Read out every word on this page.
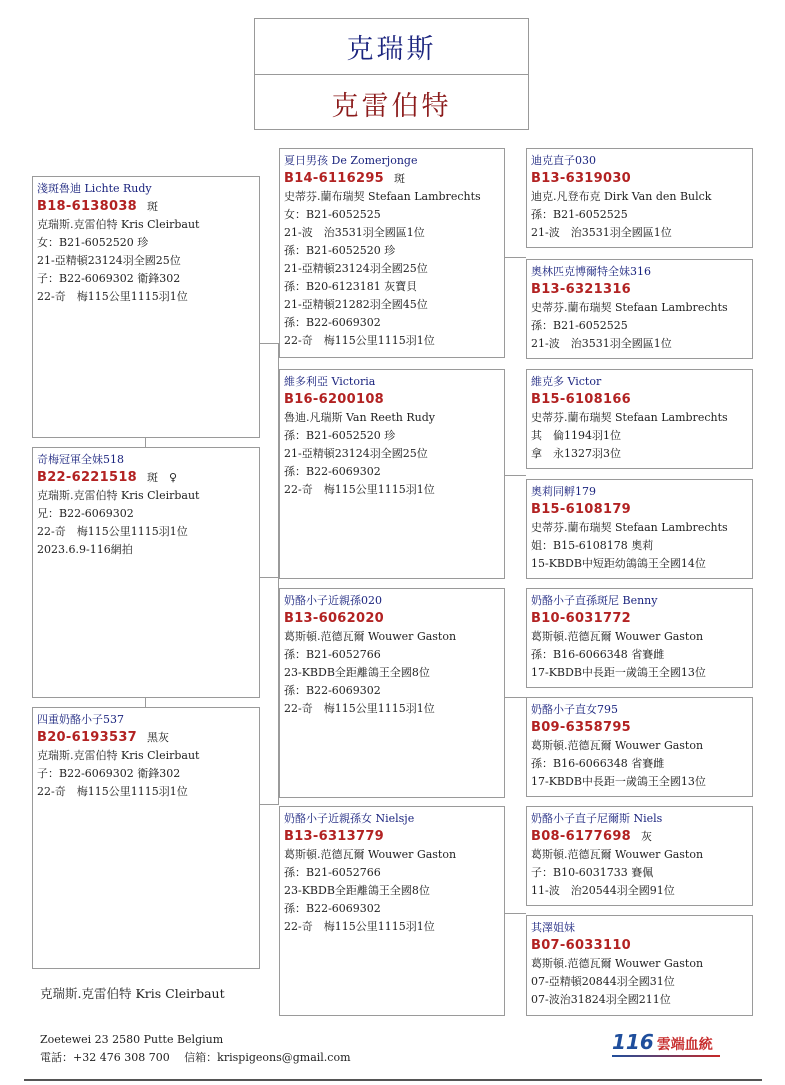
克瑞斯
克雷伯特
淺斑魯迪 Lichte Rudy
B18-6138038 斑
克瑞斯.克雷伯特 Kris Cleirbaut
女：B21-6052520 珍
21-亞精頓23124羽全國25位
子：B22-6069302 衛鋒302
22-奇　梅115公里1115羽1位
奇梅冠軍全妹518
B22-6221518 斑　♀
克瑞斯.克雷伯特 Kris Cleirbaut
兄：B22-6069302
22-奇　梅115公里1115羽1位
2023.6.9-116網拍
四重奶酪小子537
B20-6193537 黑灰
克瑞斯.克雷伯特 Kris Cleirbaut
子：B22-6069302 衛鋒302
22-奇　梅115公里1115羽1位
夏日男孩 De Zomerjonge
B14-6116295 斑
史蒂芬.蘭布瑞契 Stefaan Lambrechts
女：B21-6052525
21-波　治3531羽全國區1位
孫：B21-6052520 珍
21-亞精頓23124羽全國25位
孫：B20-6123181 灰寶貝
21-亞精頓21282羽全國45位
孫：B22-6069302
22-奇　梅115公里1115羽1位
維多利亞 Victoria
B16-6200108
魯迪.凡瑞斯 Van Reeth Rudy
孫：B21-6052520 珍
21-亞精頓23124羽全國25位
孫：B22-6069302
22-奇　梅115公里1115羽1位
奶酪小子近親孫020
B13-6062020
葛斯頓.范德瓦爾 Wouwer Gaston
孫：B21-6052766
23-KBDB全距離鴿王全國8位
孫：B22-6069302
22-奇　梅115公里1115羽1位
奶酪小子近親孫女 Nielsje
B13-6313779
葛斯頓.范德瓦爾 Wouwer Gaston
孫：B21-6052766
23-KBDB全距離鴿王全國8位
孫：B22-6069302
22-奇　梅115公里1115羽1位
迪克直子030
B13-6319030
迪克.凡登布克 Dirk Van den Bulck
孫：B21-6052525
21-波　治3531羽全國區1位
奧林匹克博爾特全妹316
B13-6321316
史蒂芬.蘭布瑞契 Stefaan Lambrechts
孫：B21-6052525
21-波　治3531羽全國區1位
維克多 Victor
B15-6108166
史蒂芬.蘭布瑞契 Stefaan Lambrechts
其　倫1194羽1位
拿　永1327羽3位
奧莉同孵179
B15-6108179
史蒂芬.蘭布瑞契 Stefaan Lambrechts
姐：B15-6108178 奧莉
15-KBDB中短距幼鴿鴿王全國14位
奶酪小子直孫斑尼 Benny
B10-6031772
葛斯頓.范德瓦爾 Wouwer Gaston
孫：B16-6066348 省賽雌
17-KBDB中長距一歲鴿王全國13位
奶酪小子直女795
B09-6358795
葛斯頓.范德瓦爾 Wouwer Gaston
孫：B16-6066348 省賽雌
17-KBDB中長距一歲鴿王全國13位
奶酪小子直子尼爾斯 Niels
B08-6177698 灰
葛斯頓.范德瓦爾 Wouwer Gaston
子：B10-6031733 賽佩
11-波　治20544羽全國91位
其澤姐妹
B07-6033110
葛斯頓.范德瓦爾 Wouwer Gaston
07-亞精頓20844羽全國31位
07-波治31824羽全國211位
克瑞斯.克雷伯特 Kris Cleirbaut
Zoetewei 23 2580 Putte Belgium
電話：+32 476 308 700　 信箱：krispigeons@gmail.com
116 雲端血統
